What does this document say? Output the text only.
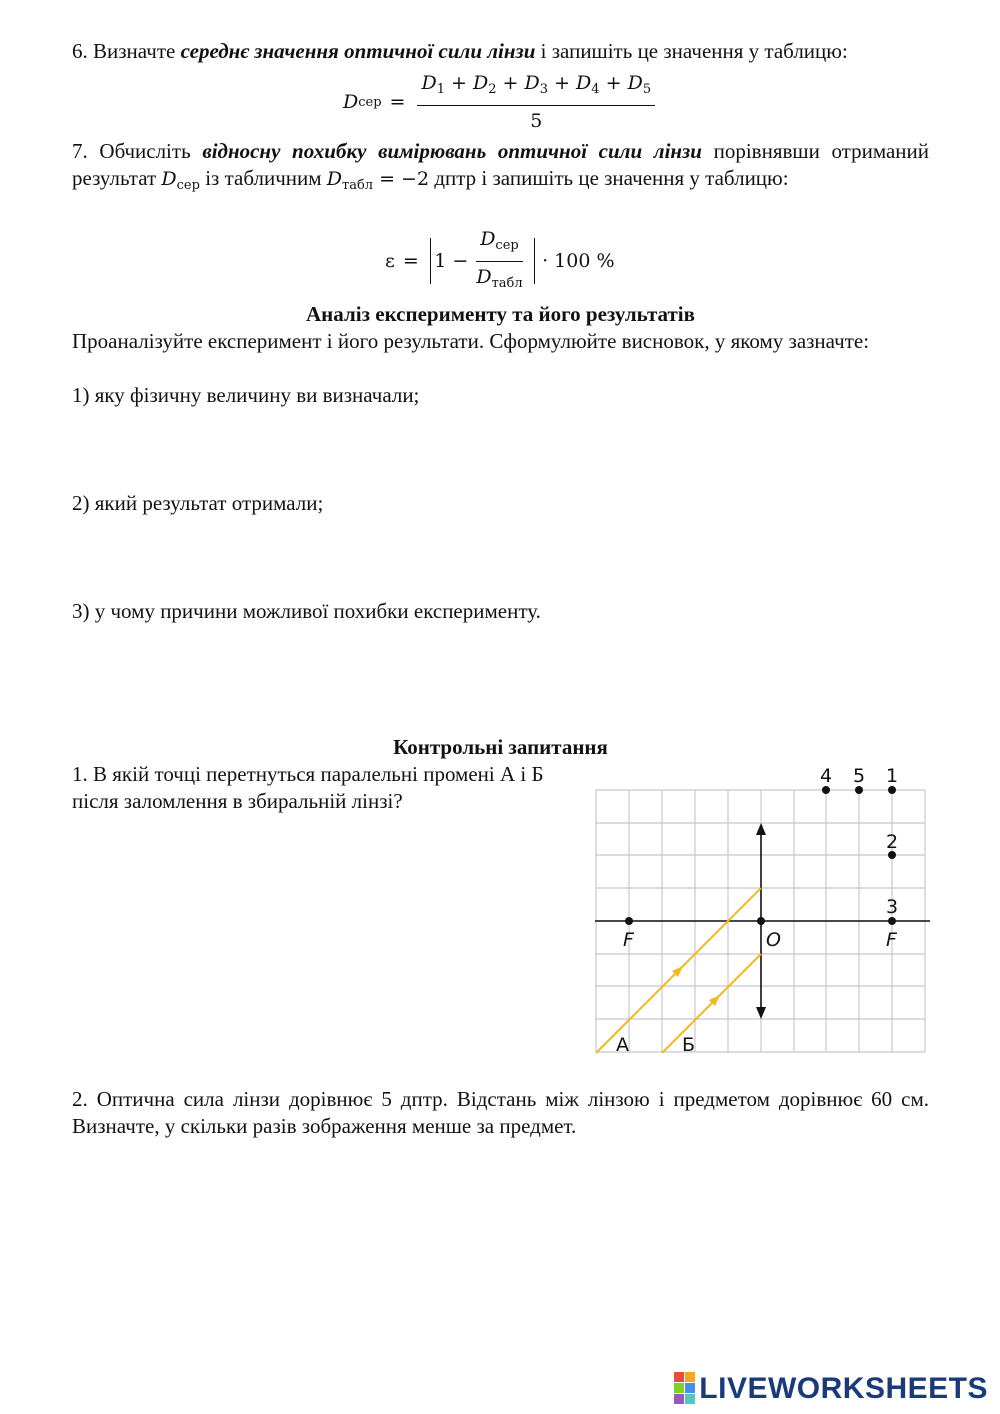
6. Визначте середнє значення оптичної сили лінзи і запишіть це значення у таблицю:
D сер =
$D_1 + D_2 + D_3 + D_4 + D_5$
5
7. Обчисліть відносну похибку вимірювань оптичної сили лінзи порівнявши отриманий результат $D_{сер}$ із табличним $D_{табл} = -2$ дптр і запишіть це значення у таблицю:
$\varepsilon = 1 - \frac{D_{сер}}{D_{табл}} \cdot 100$ %
Аналіз експерименту та його результатів
Проаналізуйте експеримент і його результати. Сформулюйте висновок, у якому зазначте:
1) яку фізичну величину ви визначали;
2) який результат отримали;
3) у чому причини можливої похибки експерименту.
Контрольні запитання
1. В якій точці перетнуться паралельні промені А і Б після заломлення в збиральній лінзі?
4 5 1
2
3
F	O	F
А	Б
2. Оптична сила лінзи дорівнює 5 дптр. Відстань між лінзою і предметом дорівнює 60 см. Визначте, у скільки разів зображення менше за предмет.
LIVEWORKSHEETS
